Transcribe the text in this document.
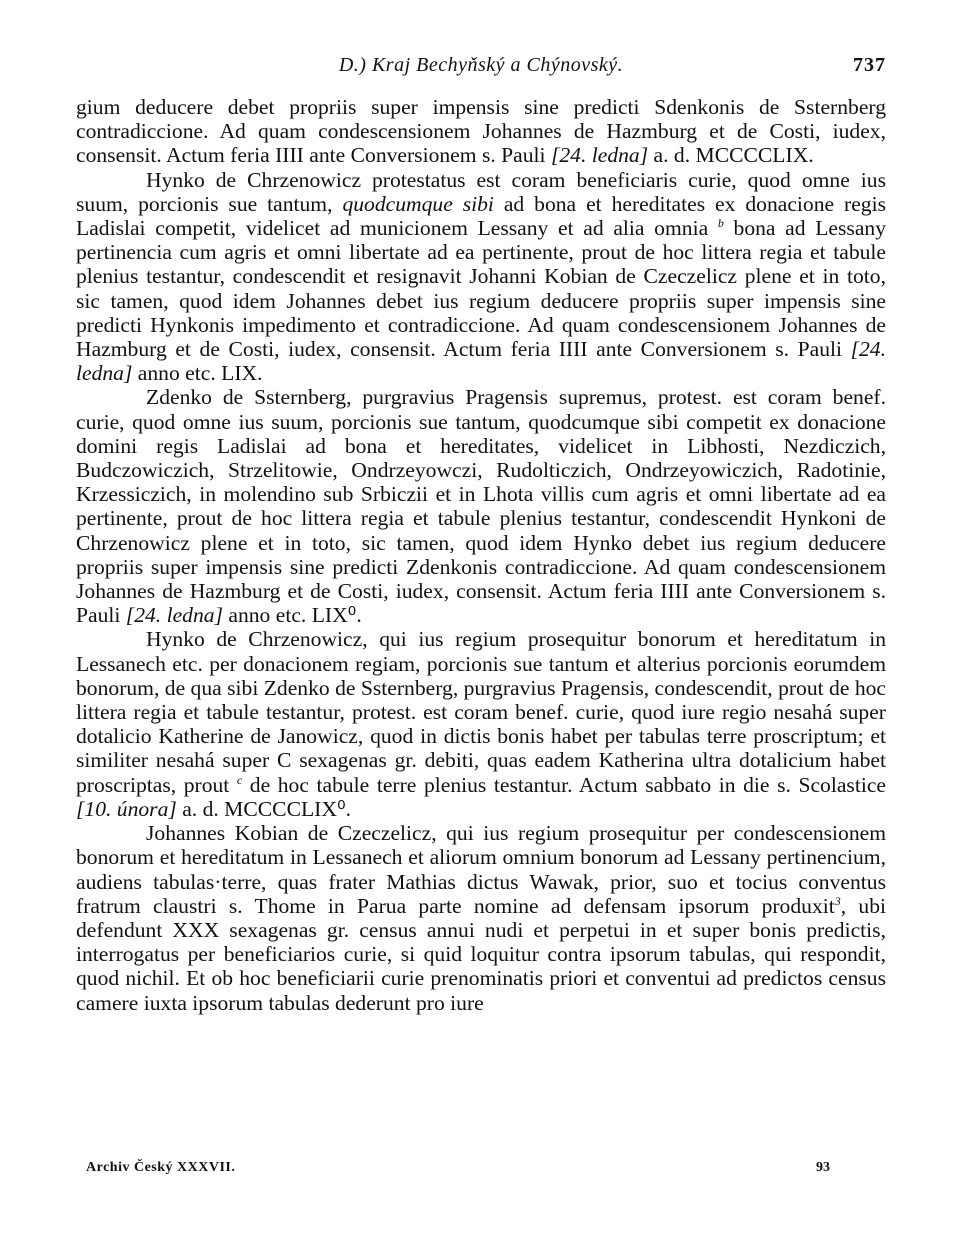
D.) Kraj Bechyňský a Chýnovský.	737

gium deducere debet propriis super impensis sine predicti Sdenkonis de Ssternberg contradiccione. Ad quam condescensionem Johannes de Hazmburg et de Costi, iudex, consensit. Actum feria IIII ante Conversionem s. Pauli [24. ledna] a. d. MCCCCLIX.

Hynko de Chrzenowicz protestatus est coram beneficiaris curie, quod omne ius suum, porcionis sue tantum, quodcumque sibi ad bona et hereditates ex donacione regis Ladislai competit, videlicet ad municionem Lessany et ad alia omnia $^b$ bona ad Lessany pertinencia cum agris et omni libertate ad ea pertinente, prout de hoc littera regia et tabule plenius testantur, condescendit et resignavit Johanni Kobian de Czeczelicz plene et in toto, sic tamen, quod idem Johannes debet ius regium deducere propriis super impensis sine predicti Hynkonis impedimento et contradiccione. Ad quam condescensionem Johannes de Hazmburg et de Costi, iudex, consensit. Actum feria IIII ante Conversionem s. Pauli [24. ledna] anno etc. LIX.

Zdenko de Ssternberg, purgravius Pragensis supremus, protest. est coram benef. curie, quod omne ius suum, porcionis sue tantum, quodcumque sibi competit ex donacione domini regis Ladislai ad bona et hereditates, videlicet in Libhosti, Nezdiczich, Budczowiczich, Strzelitowie, Ondrzeyowczi, Rudolticzich, Ondrzeyowiczich, Radotinie, Krzessiczich, in molendino sub Srbiczii et in Lhota villis cum agris et omni libertate ad ea pertinente, prout de hoc littera regia et tabule plenius testantur, condescendit Hynkoni de Chrzenowicz plene et in toto, sic tamen, quod idem Hynko debet ius regium deducere propriis super impensis sine predicti Zdenkonis contradiccione. Ad quam condescensionem Johannes de Hazmburg et de Costi, iudex, consensit. Actum feria IIII ante Conversionem s. Pauli [24. ledna] anno etc. LIX⁰.

Hynko de Chrzenowicz, qui ius regium prosequitur bonorum et hereditatum in Lessanech etc. per donacionem regiam, porcionis sue tantum et alterius porcionis eorumdem bonorum, de qua sibi Zdenko de Ssternberg, purgravius Pragensis, condescendit, prout de hoc littera regia et tabule testantur, protest. est coram benef. curie, quod iure regio nesahá super dotalicio Katherine de Janowicz, quod in dictis bonis habet per tabulas terre proscriptum; et similiter nesahá super C sexagenas gr. debiti, quas eadem Katherina ultra dotalicium habet proscriptas, prout $^c$ de hoc tabule terre plenius testantur. Actum sabbato in die s. Scolastice [10. února] a. d. MCCCCLIX⁰.

Johannes Kobian de Czeczelicz, qui ius regium prosequitur per condescensionem bonorum et hereditatum in Lessanech et aliorum omnium bonorum ad Lessany pertinencium, audiens tabulas·terre, quas frater Mathias dictus Wawak, prior, suo et tocius conventus fratrum claustri s. Thome in Parua parte nomine ad defensam ipsorum produxit$^3$, ubi defendunt XXX sexagenas gr. census annui nudi et perpetui in et super bonis predictis, interrogatus per beneficiarios curie, si quid loquitur contra ipsorum tabulas, qui respondit, quod nichil. Et ob hoc beneficiarii curie prenominatis priori et conventui ad predictos census camere iuxta ipsorum tabulas dederunt pro iure

Archiv Český XXXVII.	93
